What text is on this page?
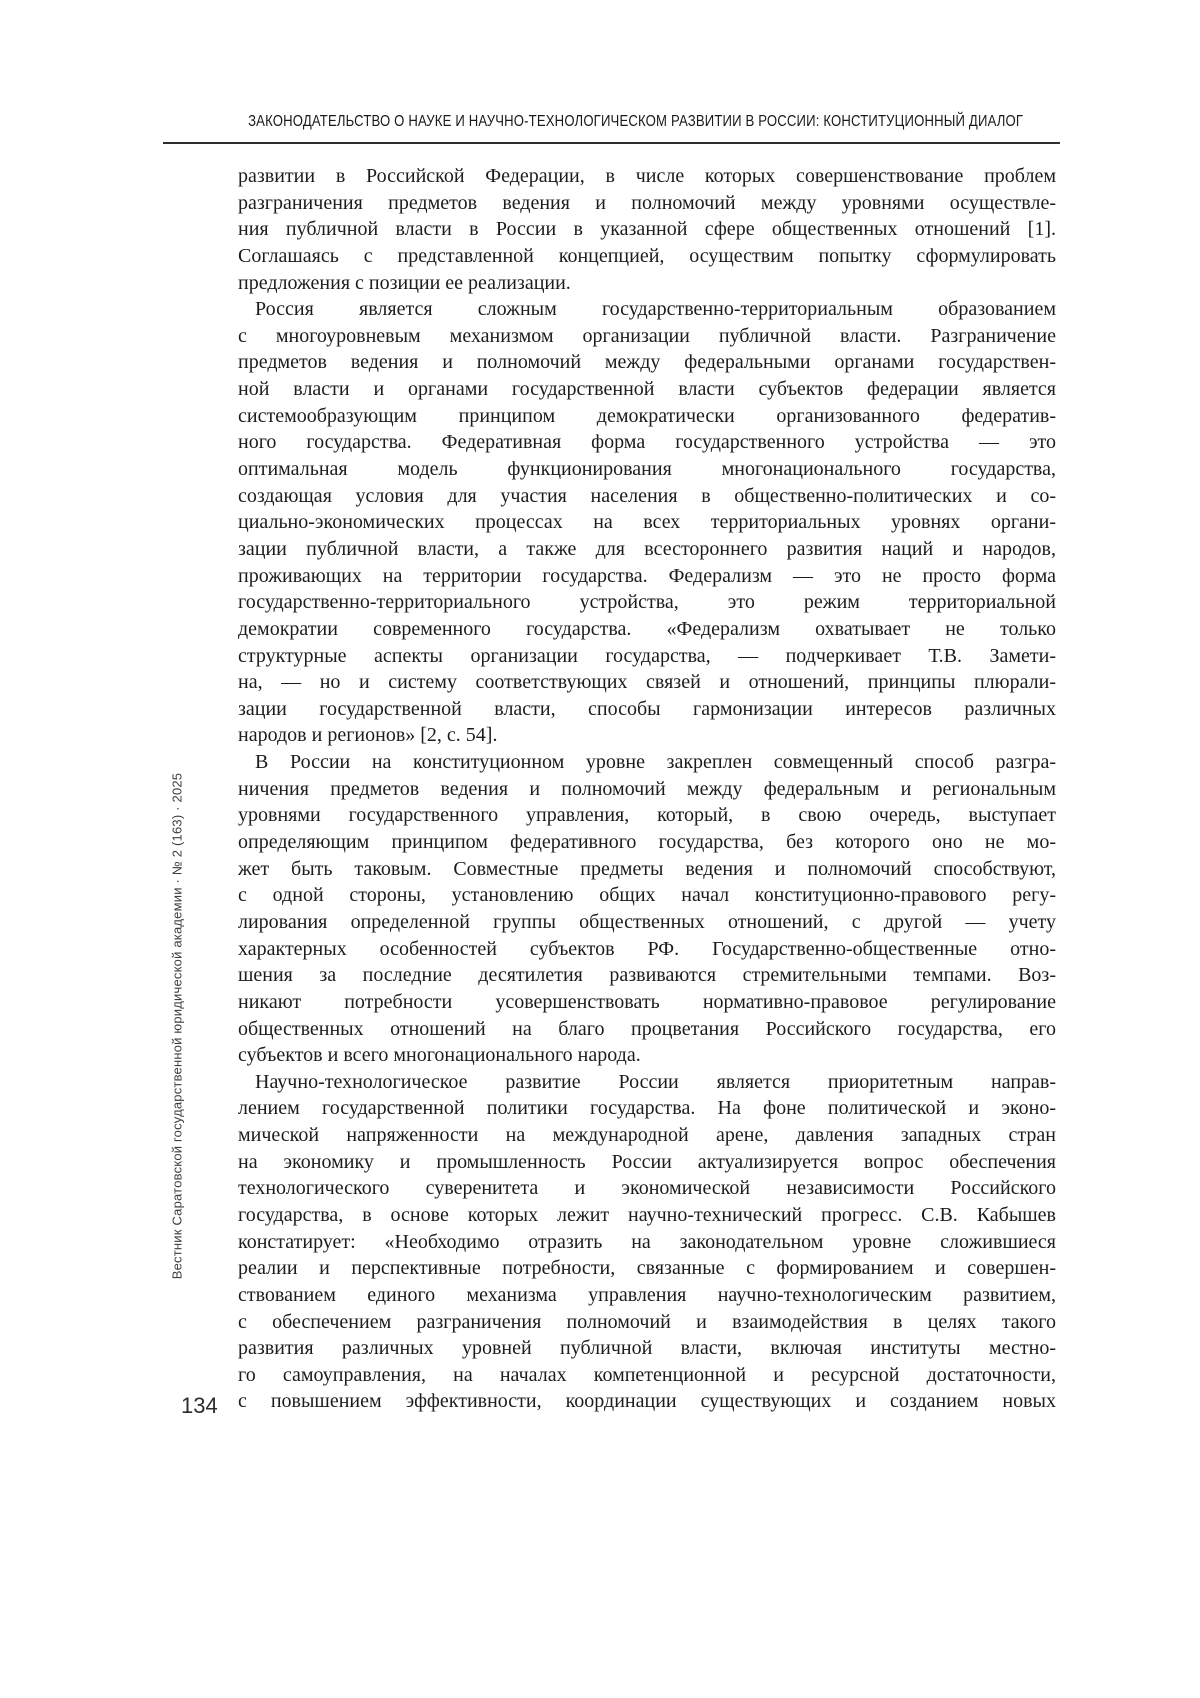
ЗАКОНОДАТЕЛЬСТВО О НАУКЕ И НАУЧНО-ТЕХНОЛОГИЧЕСКОМ РАЗВИТИИ В РОССИИ: КОНСТИТУЦИОННЫЙ ДИАЛОГ
развитии в Российской Федерации, в числе которых совершенствование проблем
разграничения предметов ведения и полномочий между уровнями осуществле-
ния публичной власти в России в указанной сфере общественных отношений [1].
Соглашаясь с представленной концепцией, осуществим попытку сформулировать
предложения с позиции ее реализации.
Россия является сложным государственно-территориальным образованием
с многоуровневым механизмом организации публичной власти. Разграничение
предметов ведения и полномочий между федеральными органами государствен-
ной власти и органами государственной власти субъектов федерации является
системообразующим принципом демократически организованного федератив-
ного государства. Федеративная форма государственного устройства — это
оптимальная модель функционирования многонационального государства,
создающая условия для участия населения в общественно-политических и со-
циально-экономических процессах на всех территориальных уровнях органи-
зации публичной власти, а также для всестороннего развития наций и народов,
проживающих на территории государства. Федерализм — это не просто форма
государственно-территориального устройства, это режим территориальной
демократии современного государства. «Федерализм охватывает не только
структурные аспекты организации государства, — подчеркивает Т.В. Замети-
на, — но и систему соответствующих связей и отношений, принципы плюрали-
зации государственной власти, способы гармонизации интересов различных
народов и регионов» [2, с. 54].
В России на конституционном уровне закреплен совмещенный способ разгра-
ничения предметов ведения и полномочий между федеральным и региональным
уровнями государственного управления, который, в свою очередь, выступает
определяющим принципом федеративного государства, без которого оно не мо-
жет быть таковым. Совместные предметы ведения и полномочий способствуют,
с одной стороны, установлению общих начал конституционно-правового регу-
лирования определенной группы общественных отношений, с другой — учету
характерных особенностей субъектов РФ. Государственно-общественные отно-
шения за последние десятилетия развиваются стремительными темпами. Воз-
никают потребности усовершенствовать нормативно-правовое регулирование
общественных отношений на благо процветания Российского государства, его
субъектов и всего многонационального народа.
Научно-технологическое развитие России является приоритетным направ-
лением государственной политики государства. На фоне политической и эконо-
мической напряженности на международной арене, давления западных стран
на экономику и промышленность России актуализируется вопрос обеспечения
технологического суверенитета и экономической независимости Российского
государства, в основе которых лежит научно-технический прогресс. С.В. Кабышев
констатирует: «Необходимо отразить на законодательном уровне сложившиеся
реалии и перспективные потребности, связанные с формированием и совершен-
ствованием единого механизма управления научно-технологическим развитием,
с обеспечением разграничения полномочий и взаимодействия в целях такого
развития различных уровней публичной власти, включая институты местно-
го самоуправления, на началах компетенционной и ресурсной достаточности,
с повышением эффективности, координации существующих и созданием новых
Вестник Саратовской государственной юридической академии · № 2 (163) · 2025
134
